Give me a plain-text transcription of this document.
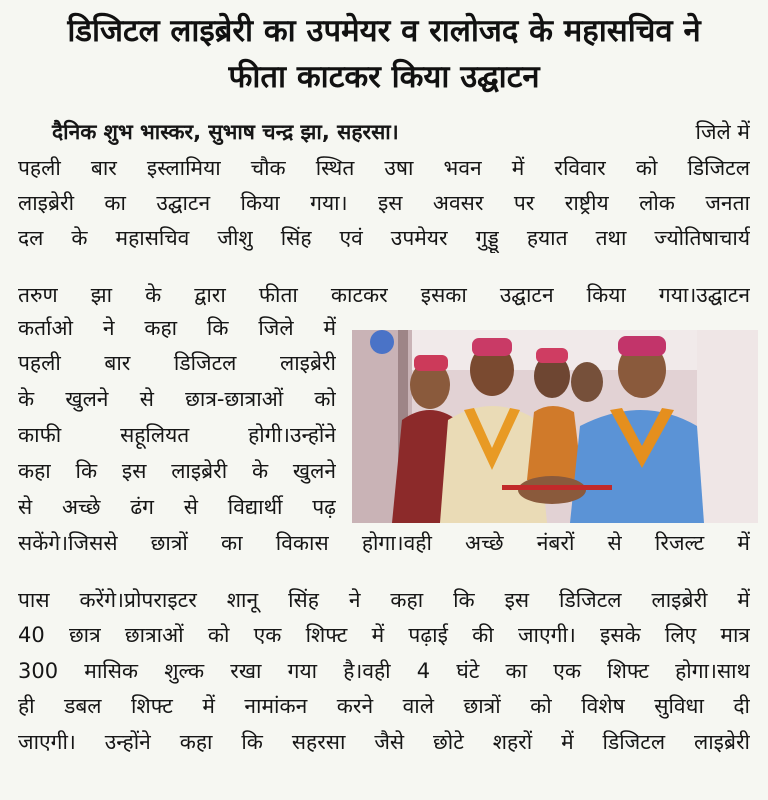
डिजिटल लाइब्रेरी का उपमेयर व रालोजद के महासचिव ने
फीता काटकर किया उद्घाटन
दैनिक शुभ भास्कर, सुभाष चन्द्र झा, सहरसा।	जिले में
पहली बार इस्लामिया चौक स्थित उषा भवन में रविवार को डिजिटल
लाइब्रेरी का उद्घाटन किया गया। इस अवसर पर राष्ट्रीय लोक जनता
दल के महासचिव जीशु सिंह एवं उपमेयर गुड्डू हयात तथा ज्योतिषाचार्य
तरुण झा के द्वारा फीता काटकर इसका उद्घाटन किया गया।उद्घाटन
कर्ताओ ने कहा कि जिले में
पहली बार डिजिटल लाइब्रेरी
के खुलने से छात्र-छात्राओं को
काफी सहूलियत होगी।उन्होंने
कहा कि इस लाइब्रेरी के खुलने
से अच्छे ढंग से विद्यार्थी पढ़
सकेंगे।जिससे छात्रों का विकास होगा।वही अच्छे नंबरों से रिजल्ट में
पास करेंगे।प्रोपराइटर शानू सिंह ने कहा कि इस डिजिटल लाइब्रेरी में
40 छात्र छात्राओं को एक शिफ्ट में पढ़ाई की जाएगी। इसके लिए मात्र
300 मासिक शुल्क रखा गया है।वही 4 घंटे का एक शिफ्ट होगा।साथ
ही डबल शिफ्ट में नामांकन करने वाले छात्रों को विशेष सुविधा दी
जाएगी। उन्होंने कहा कि सहरसा जैसे छोटे शहरों में डिजिटल लाइब्रेरी
